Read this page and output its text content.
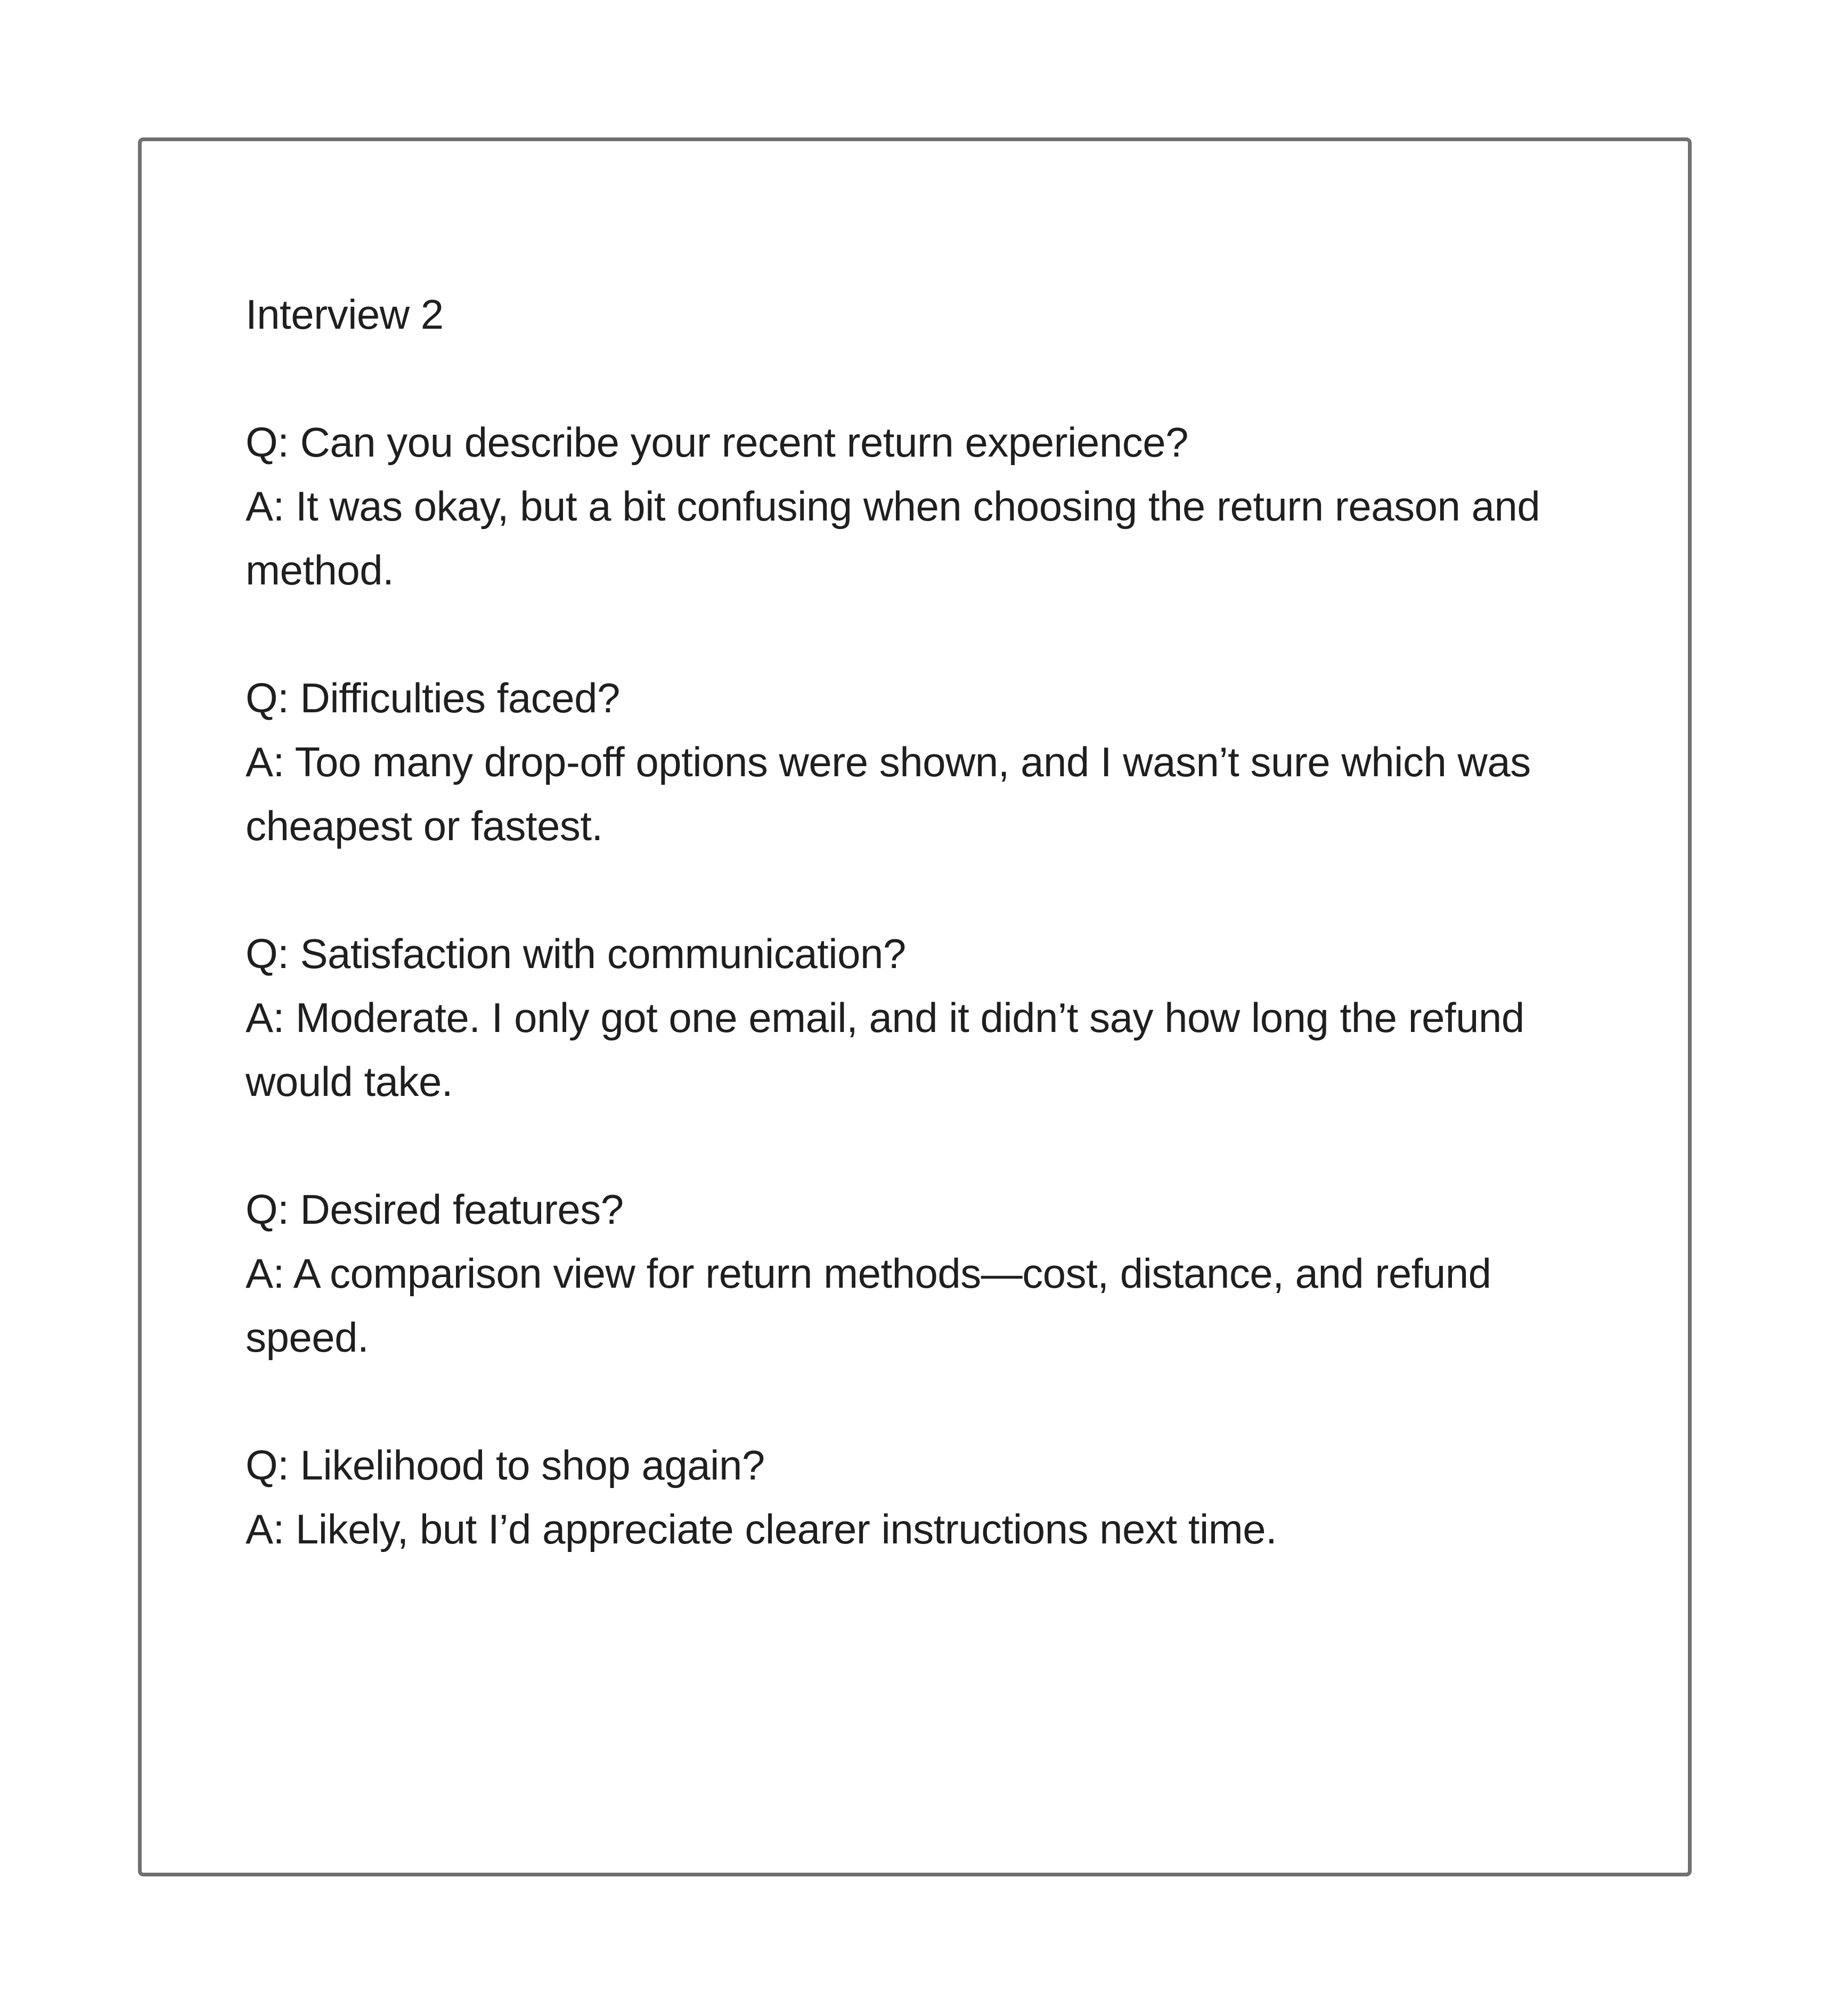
Interview 2

Q: Can you describe your recent return experience?

A: It was okay, but a bit confusing when choosing the return reason and method.

Q: Difficulties faced?

A: Too many drop-off options were shown, and I wasn’t sure which was cheapest or fastest.

Q: Satisfaction with communication?

A: Moderate. I only got one email, and it didn’t say how long the refund would take.

Q: Desired features?

A: A comparison view for return methods—cost, distance, and refund speed.

Q: Likelihood to shop again?

A: Likely, but I’d appreciate clearer instructions next time.
